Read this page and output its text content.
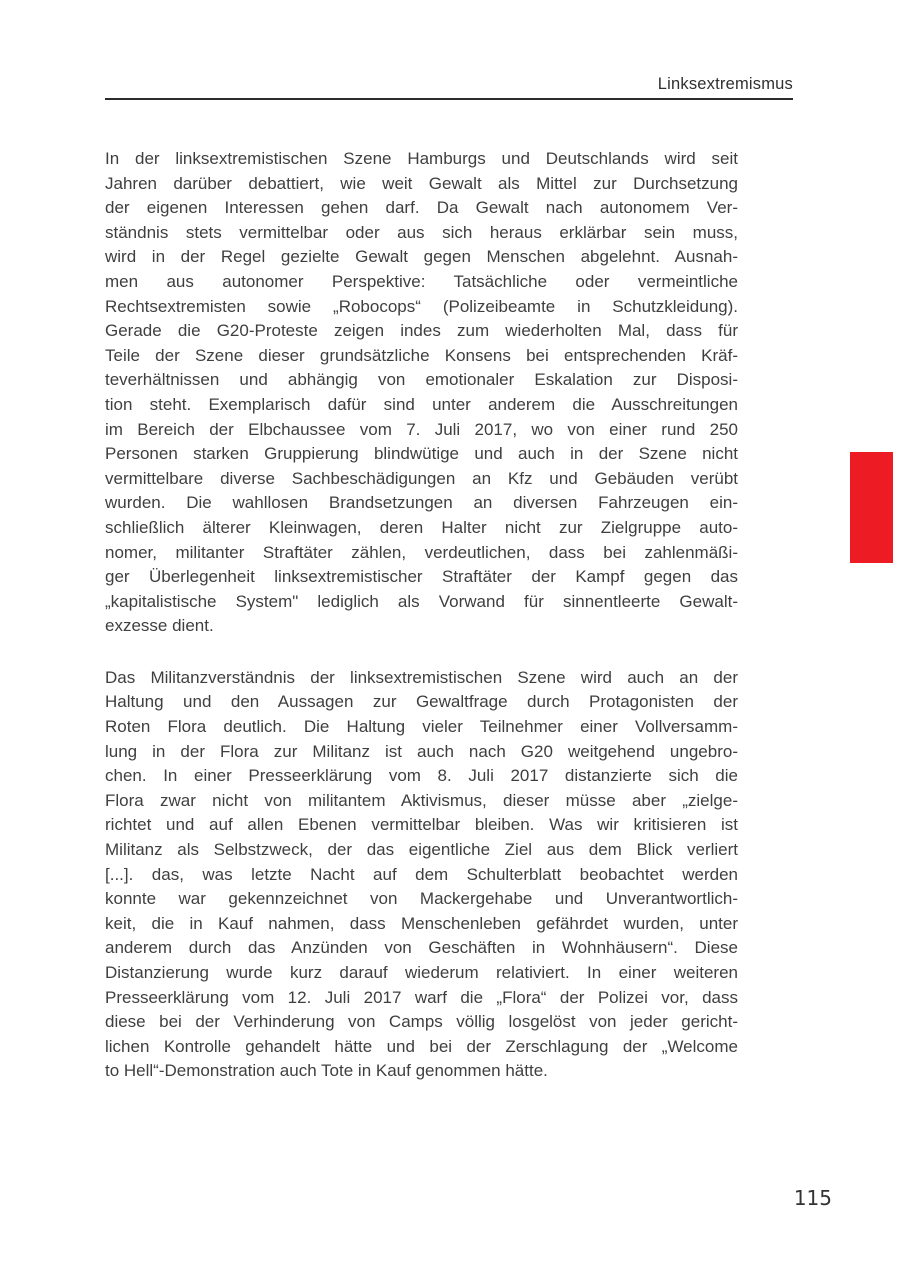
Linksextremismus
In der linksextremistischen Szene Hamburgs und Deutschlands wird seit
Jahren darüber debattiert, wie weit Gewalt als Mittel zur Durchsetzung
der eigenen Interessen gehen darf. Da Gewalt nach autonomem Ver-
ständnis stets vermittelbar oder aus sich heraus erklärbar sein muss,
wird in der Regel gezielte Gewalt gegen Menschen abgelehnt. Ausnah-
men aus autonomer Perspektive: Tatsächliche oder vermeintliche
Rechtsextremisten sowie „Robocops“ (Polizeibeamte in Schutzkleidung).
Gerade die G20-Proteste zeigen indes zum wiederholten Mal, dass für
Teile der Szene dieser grundsätzliche Konsens bei entsprechenden Kräf-
teverhältnissen und abhängig von emotionaler Eskalation zur Disposi-
tion steht. Exemplarisch dafür sind unter anderem die Ausschreitungen
im Bereich der Elbchaussee vom 7. Juli 2017, wo von einer rund 250
Personen starken Gruppierung blindwütige und auch in der Szene nicht
vermittelbare diverse Sachbeschädigungen an Kfz und Gebäuden verübt
wurden. Die wahllosen Brandsetzungen an diversen Fahrzeugen ein-
schließlich älterer Kleinwagen, deren Halter nicht zur Zielgruppe auto-
nomer, militanter Straftäter zählen, verdeutlichen, dass bei zahlenmäßi-
ger Überlegenheit linksextremistischer Straftäter der Kampf gegen das
„kapitalistische System" lediglich als Vorwand für sinnentleerte Gewalt-
exzesse dient.
Das Militanzverständnis der linksextremistischen Szene wird auch an der
Haltung und den Aussagen zur Gewaltfrage durch Protagonisten der
Roten Flora deutlich. Die Haltung vieler Teilnehmer einer Vollversamm-
lung in der Flora zur Militanz ist auch nach G20 weitgehend ungebro-
chen. In einer Presseerklärung vom 8. Juli 2017 distanzierte sich die
Flora zwar nicht von militantem Aktivismus, dieser müsse aber „zielge-
richtet und auf allen Ebenen vermittelbar bleiben. Was wir kritisieren ist
Militanz als Selbstzweck, der das eigentliche Ziel aus dem Blick verliert
[...]. das, was letzte Nacht auf dem Schulterblatt beobachtet werden
konnte war gekennzeichnet von Mackergehabe und Unverantwortlich-
keit, die in Kauf nahmen, dass Menschenleben gefährdet wurden, unter
anderem durch das Anzünden von Geschäften in Wohnhäusern“. Diese
Distanzierung wurde kurz darauf wiederum relativiert. In einer weiteren
Presseerklärung vom 12. Juli 2017 warf die „Flora“ der Polizei vor, dass
diese bei der Verhinderung von Camps völlig losgelöst von jeder gericht-
lichen Kontrolle gehandelt hätte und bei der Zerschlagung der „Welcome
to Hell“-Demonstration auch Tote in Kauf genommen hätte.
115
